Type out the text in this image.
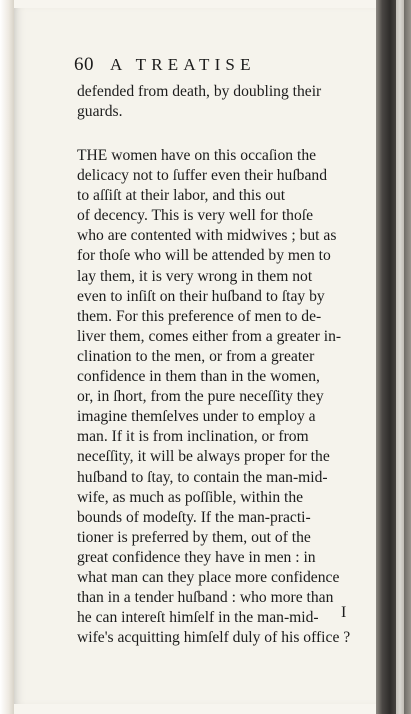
60 A TREATISE
defended from death, by doubling their
guards.
THE women have on this occaſion the
delicacy not to ſuffer even their huſband
to aſſiſt at their labor, and this out
of decency. This is very well for thoſe
who are contented with midwives ; but as
for thoſe who will be attended by men to
lay them, it is very wrong in them not
even to inſiſt on their huſband to ſtay by
them. For this preference of men to de-
liver them, comes either from a greater in-
clination to the men, or from a greater
confidence in them than in the women,
or, in ſhort, from the pure neceſſity they
imagine themſelves under to employ a
man. If it is from inclination, or from
neceſſity, it will be always proper for the
huſband to ſtay, to contain the man-mid-
wife, as much as poſſible, within the
bounds of modeſty. If the man-practi-
tioner is preferred by them, out of the
great confidence they have in men : in
what man can they place more confidence
than in a tender huſband : who more than
he can intereſt himſelf in the man-mid-
wife's acquitting himſelf duly of his office ?
I
